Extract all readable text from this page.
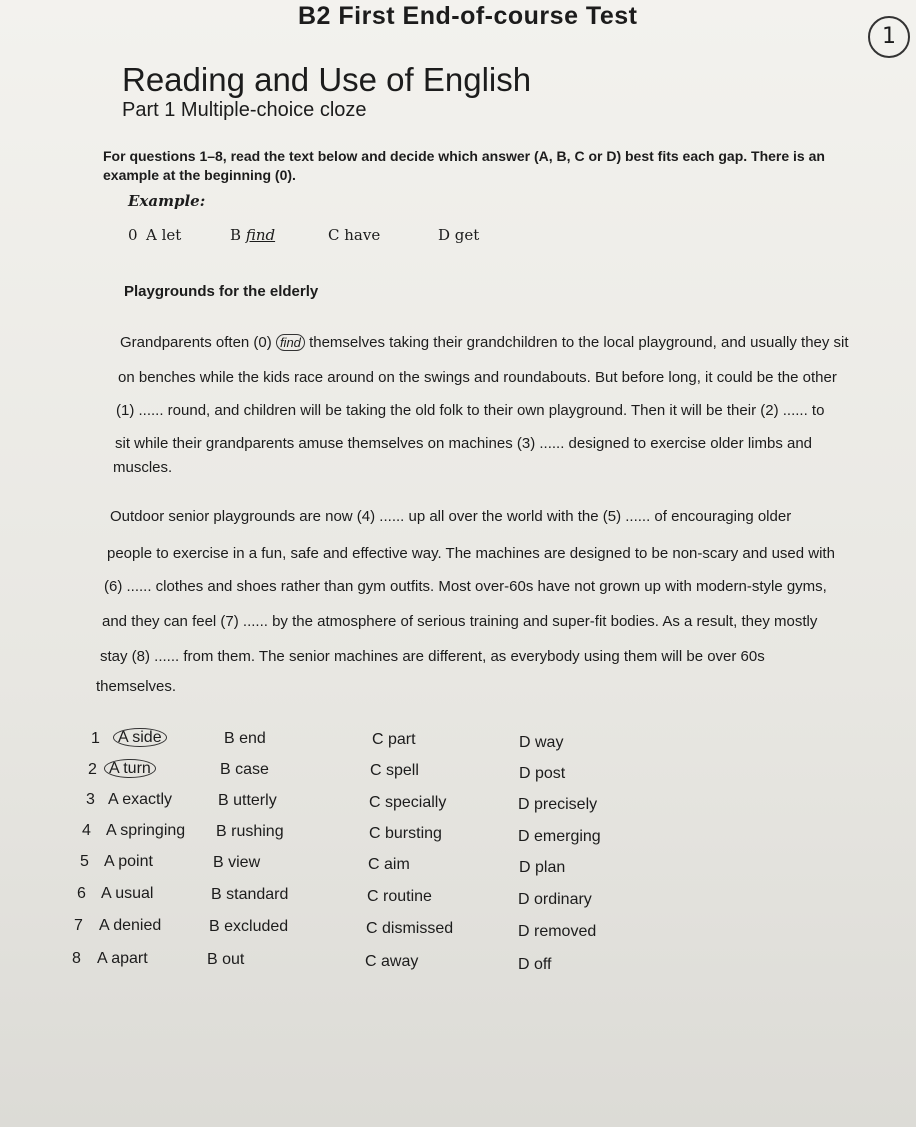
B2 First End-of-course Test
1
Reading and Use of English
Part 1 Multiple-choice cloze
For questions 1–8, read the text below and decide which answer (A, B, C or D) best fits each gap. There is an example at the beginning (0).
Example:
0 A let	B find	C have	D get
Playgrounds for the elderly
Grandparents often (0) find themselves taking their grandchildren to the local playground, and usually they sit
on benches while the kids race around on the swings and roundabouts. But before long, it could be the other
(1) ...... round, and children will be taking the old folk to their own playground. Then it will be their (2) ...... to
sit while their grandparents amuse themselves on machines (3) ...... designed to exercise older limbs and
muscles.
Outdoor senior playgrounds are now (4) ...... up all over the world with the (5) ...... of encouraging older
people to exercise in a fun, safe and effective way. The machines are designed to be non-scary and used with
(6) ...... clothes and shoes rather than gym outfits. Most over-60s have not grown up with modern-style gyms,
and they can feel (7) ...... by the atmosphere of serious training and super-fit bodies. As a result, they mostly
stay (8) ...... from them. The senior machines are different, as everybody using them will be over 60s
themselves.
1	A side	B end	C part	D way
2 A turn	B case	C spell	D post
3 A exactly	B utterly	C specially	D precisely
4 A springing B rushing	C bursting	D emerging
5 A point	B view	C aim	D plan
6 A usual	B standard	C routine	D ordinary
7 A denied	B excluded	C dismissed	D removed
8 A apart	B out	C away	D off
